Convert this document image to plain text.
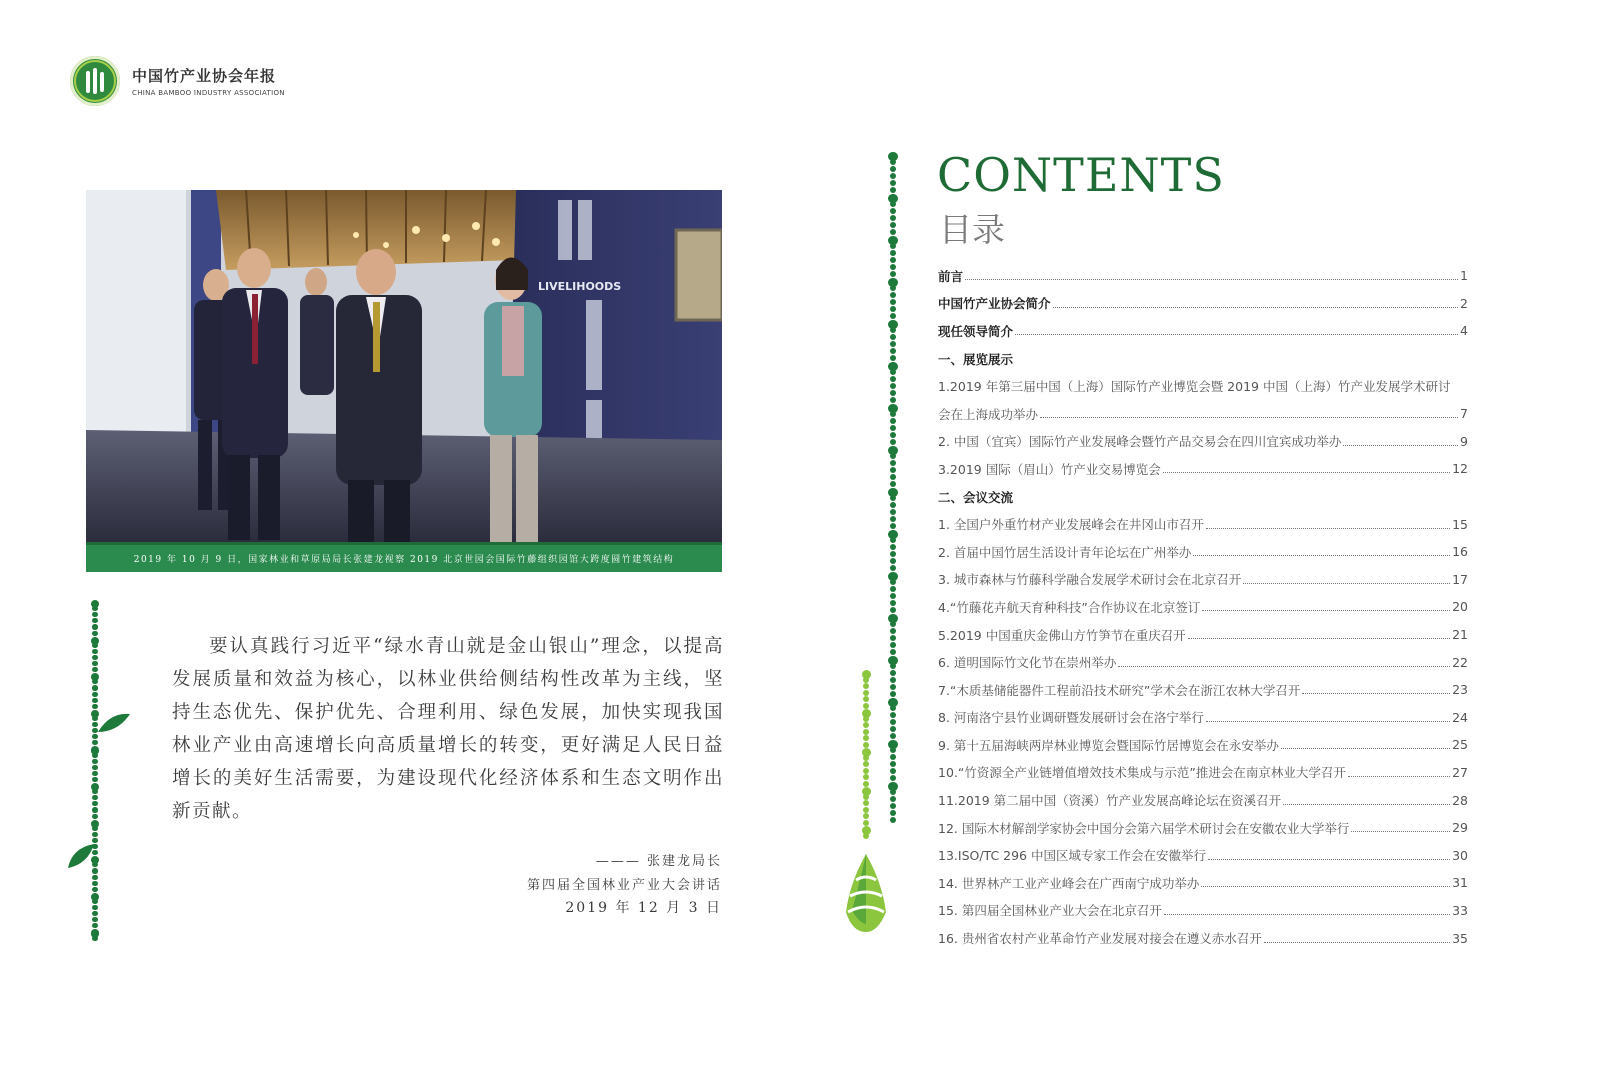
中国竹产业协会年报
CHINA BAMBOO INDUSTRY ASSOCIATION
LIVELIHOODS
2019 年 10 月 9 日，国家林业和草原局局长张建龙视察 2019 北京世园会国际竹藤组织园馆大跨度圆竹建筑结构
要认真践行习近平“绿水青山就是金山银山”理念，以提高发展质量和效益为核心，以林业供给侧结构性改革为主线，坚持生态优先、保护优先、合理利用、绿色发展，加快实现我国林业产业由高速增长向高质量增长的转变，更好满足人民日益增长的美好生活需要，为建设现代化经济体系和生态文明作出新贡献。
——— 张建龙局长
第四届全国林业产业大会讲话
2019 年 12 月 3 日
CONTENTS
目录
前言	1
中国竹产业协会简介	2
现任领导简介	4
一、展览展示
1.2019 年第三届中国（上海）国际竹产业博览会暨 2019 中国（上海）竹产业发展学术研讨
会在上海成功举办	7
2. 中国（宜宾）国际竹产业发展峰会暨竹产品交易会在四川宜宾成功举办	9
3.2019 国际（眉山）竹产业交易博览会	12
二、会议交流
1. 全国户外重竹材产业发展峰会在井冈山市召开	15
2. 首届中国竹居生活设计青年论坛在广州举办	16
3. 城市森林与竹藤科学融合发展学术研讨会在北京召开	17
4.“竹藤花卉航天育种科技”合作协议在北京签订	20
5.2019 中国重庆金佛山方竹笋节在重庆召开	21
6. 道明国际竹文化节在崇州举办	22
7.“木质基储能器件工程前沿技术研究”学术会在浙江农林大学召开	23
8. 河南洛宁县竹业调研暨发展研讨会在洛宁举行	24
9. 第十五届海峡两岸林业博览会暨国际竹居博览会在永安举办	25
10.“竹资源全产业链增值增效技术集成与示范”推进会在南京林业大学召开	27
11.2019 第二届中国（资溪）竹产业发展高峰论坛在资溪召开	28
12. 国际木材解剖学家协会中国分会第六届学术研讨会在安徽农业大学举行	29
13.ISO/TC 296 中国区域专家工作会在安徽举行	30
14. 世界林产工业产业峰会在广西南宁成功举办	31
15. 第四届全国林业产业大会在北京召开	33
16. 贵州省农村产业革命竹产业发展对接会在遵义赤水召开	35
